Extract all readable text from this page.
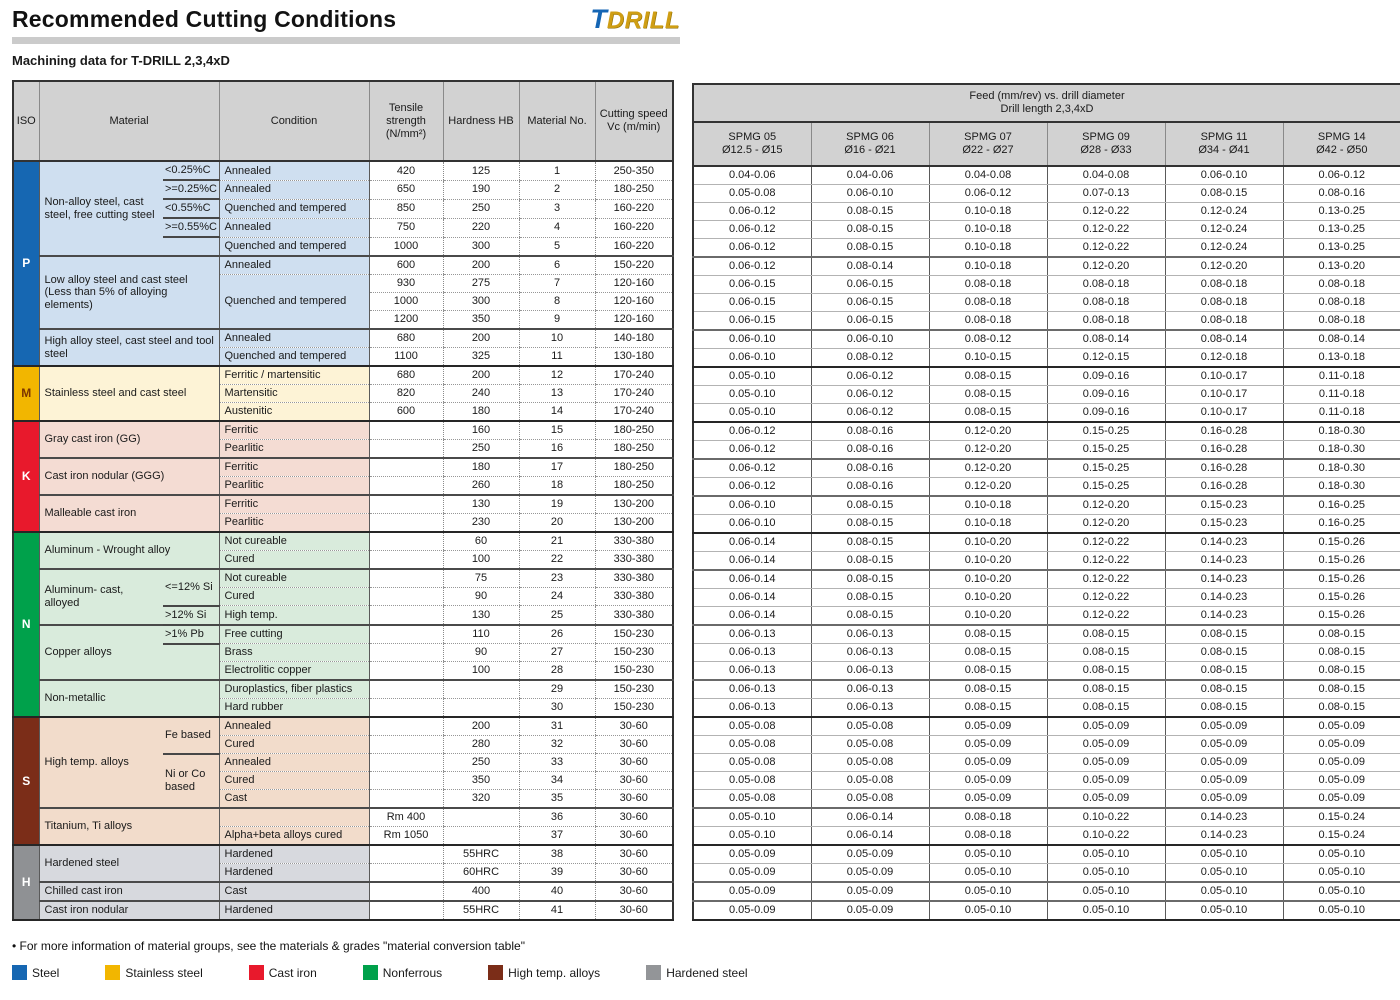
Recommended Cutting Conditions	TDRILL
Machining data for T-DRILL 2,3,4xD
ISO	Material		Condition	Tensile strength (N/mm²)	Hardness HB	Material No.	Cutting speed Vc (m/min)
P	Non-alloy steel, cast steel, free cutting steel	<0.25%C	Annealed	420	125	1	250-350
		>=0.25%C	Annealed	650	190	2	180-250
		<0.55%C	Quenched and tempered	850	250	3	160-220
		>=0.55%C	Annealed	750	220	4	160-220
			Quenched and tempered	1000	300	5	160-220
	Low alloy steel and cast steel (Less than 5% of alloying elements)		Annealed	600	200	6	150-220
			Quenched and tempered	930	275	7	120-160
				1000	300	8	120-160
				1200	350	9	120-160
	High alloy steel, cast steel and tool steel		Annealed	680	200	10	140-180
			Quenched and tempered	1100	325	11	130-180
M	Stainless steel and cast steel		Ferritic / martensitic	680	200	12	170-240
			Martensitic	820	240	13	170-240
			Austenitic	600	180	14	170-240
K	Gray cast iron (GG)		Ferritic		160	15	180-250
			Pearlitic		250	16	180-250
	Cast iron nodular (GGG)		Ferritic		180	17	180-250
			Pearlitic		260	18	180-250
	Malleable cast iron		Ferritic		130	19	130-200
			Pearlitic		230	20	130-200
N	Aluminum - Wrought alloy		Not cureable		60	21	330-380
			Cured		100	22	330-380
	Aluminum- cast, alloyed	<=12% Si	Not cureable		75	23	330-380
			Cured		90	24	330-380
		>12% Si	High temp.		130	25	330-380
	Copper alloys	>1% Pb	Free cutting		110	26	150-230
			Brass		90	27	150-230
			Electrolitic copper		100	28	150-230
	Non-metallic		Duroplastics, fiber plastics			29	150-230
			Hard rubber			30	150-230
S	High temp. alloys	Fe based	Annealed		200	31	30-60
			Cured		280	32	30-60
		Ni or Co based	Annealed		250	33	30-60
			Cured		350	34	30-60
			Cast		320	35	30-60
	Titanium, Ti alloys			Rm 400		36	30-60
			Alpha+beta alloys cured	Rm 1050		37	30-60
H	Hardened steel		Hardened		55HRC	38	30-60
			Hardened		60HRC	39	30-60
	Chilled cast iron		Cast		400	40	30-60
	Cast iron nodular		Hardened		55HRC	41	30-60
Feed (mm/rev) vs. drill diameter
Drill length 2,3,4xD					

SPMG 05
Ø12.5 - Ø15

SPMG 06
Ø16 - Ø21

SPMG 07
Ø22 - Ø27

SPMG 09
Ø28 - Ø33

SPMG 11
Ø34 - Ø41

SPMG 14
Ø42 - Ø50

0.04-0.06	0.04-0.06	0.04-0.08	0.04-0.08	0.06-0.10	0.06-0.12
0.05-0.08	0.06-0.10	0.06-0.12	0.07-0.13	0.08-0.15	0.08-0.16
0.06-0.12	0.08-0.15	0.10-0.18	0.12-0.22	0.12-0.24	0.13-0.25
0.06-0.12	0.08-0.15	0.10-0.18	0.12-0.22	0.12-0.24	0.13-0.25
0.06-0.12	0.08-0.15	0.10-0.18	0.12-0.22	0.12-0.24	0.13-0.25
0.06-0.12	0.08-0.14	0.10-0.18	0.12-0.20	0.12-0.20	0.13-0.20
0.06-0.15	0.06-0.15	0.08-0.18	0.08-0.18	0.08-0.18	0.08-0.18
0.06-0.15	0.06-0.15	0.08-0.18	0.08-0.18	0.08-0.18	0.08-0.18
0.06-0.15	0.06-0.15	0.08-0.18	0.08-0.18	0.08-0.18	0.08-0.18
0.06-0.10	0.06-0.10	0.08-0.12	0.08-0.14	0.08-0.14	0.08-0.14
0.06-0.10	0.08-0.12	0.10-0.15	0.12-0.15	0.12-0.18	0.13-0.18
0.05-0.10	0.06-0.12	0.08-0.15	0.09-0.16	0.10-0.17	0.11-0.18
0.05-0.10	0.06-0.12	0.08-0.15	0.09-0.16	0.10-0.17	0.11-0.18
0.05-0.10	0.06-0.12	0.08-0.15	0.09-0.16	0.10-0.17	0.11-0.18
0.06-0.12	0.08-0.16	0.12-0.20	0.15-0.25	0.16-0.28	0.18-0.30
0.06-0.12	0.08-0.16	0.12-0.20	0.15-0.25	0.16-0.28	0.18-0.30
0.06-0.12	0.08-0.16	0.12-0.20	0.15-0.25	0.16-0.28	0.18-0.30
0.06-0.12	0.08-0.16	0.12-0.20	0.15-0.25	0.16-0.28	0.18-0.30
0.06-0.10	0.08-0.15	0.10-0.18	0.12-0.20	0.15-0.23	0.16-0.25
0.06-0.10	0.08-0.15	0.10-0.18	0.12-0.20	0.15-0.23	0.16-0.25
0.06-0.14	0.08-0.15	0.10-0.20	0.12-0.22	0.14-0.23	0.15-0.26
0.06-0.14	0.08-0.15	0.10-0.20	0.12-0.22	0.14-0.23	0.15-0.26
0.06-0.14	0.08-0.15	0.10-0.20	0.12-0.22	0.14-0.23	0.15-0.26
0.06-0.14	0.08-0.15	0.10-0.20	0.12-0.22	0.14-0.23	0.15-0.26
0.06-0.14	0.08-0.15	0.10-0.20	0.12-0.22	0.14-0.23	0.15-0.26
0.06-0.13	0.06-0.13	0.08-0.15	0.08-0.15	0.08-0.15	0.08-0.15
0.06-0.13	0.06-0.13	0.08-0.15	0.08-0.15	0.08-0.15	0.08-0.15
0.06-0.13	0.06-0.13	0.08-0.15	0.08-0.15	0.08-0.15	0.08-0.15
0.06-0.13	0.06-0.13	0.08-0.15	0.08-0.15	0.08-0.15	0.08-0.15
0.06-0.13	0.06-0.13	0.08-0.15	0.08-0.15	0.08-0.15	0.08-0.15
0.05-0.08	0.05-0.08	0.05-0.09	0.05-0.09	0.05-0.09	0.05-0.09
0.05-0.08	0.05-0.08	0.05-0.09	0.05-0.09	0.05-0.09	0.05-0.09
0.05-0.08	0.05-0.08	0.05-0.09	0.05-0.09	0.05-0.09	0.05-0.09
0.05-0.08	0.05-0.08	0.05-0.09	0.05-0.09	0.05-0.09	0.05-0.09
0.05-0.08	0.05-0.08	0.05-0.09	0.05-0.09	0.05-0.09	0.05-0.09
0.05-0.10	0.06-0.14	0.08-0.18	0.10-0.22	0.14-0.23	0.15-0.24
0.05-0.10	0.06-0.14	0.08-0.18	0.10-0.22	0.14-0.23	0.15-0.24
0.05-0.09	0.05-0.09	0.05-0.10	0.05-0.10	0.05-0.10	0.05-0.10
0.05-0.09	0.05-0.09	0.05-0.10	0.05-0.10	0.05-0.10	0.05-0.10
0.05-0.09	0.05-0.09	0.05-0.10	0.05-0.10	0.05-0.10	0.05-0.10
0.05-0.09	0.05-0.09	0.05-0.10	0.05-0.10	0.05-0.10	0.05-0.10
• For more information of material groups, see the materials & grades "material conversion table"
Steel	Stainless steel	Cast iron	Nonferrous	High temp. alloys	Hardened steel
